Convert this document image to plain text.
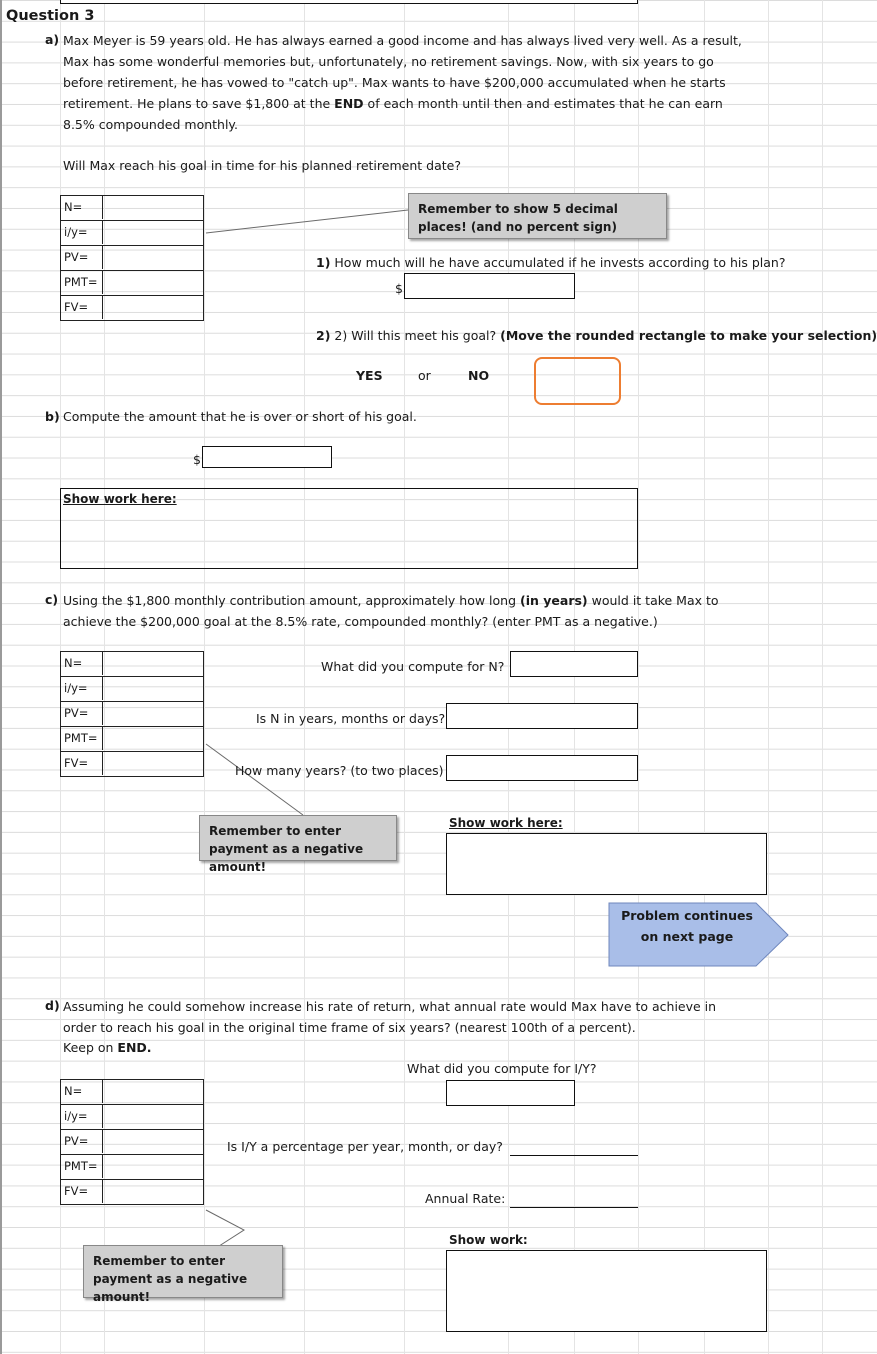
Question 3
a) Max Meyer is 59 years old. He has always earned a good income and has always lived very well. As a result, Max has some wonderful memories but, unfortunately, no retirement savings. Now, with six years to go before retirement, he has vowed to "catch up". Max wants to have $200,000 accumulated when he starts retirement. He plans to save $1,800 at the END of each month until then and estimates that he can earn 8.5% compounded monthly.
Will Max reach his goal in time for his planned retirement date?
N=
i/y=
PV=
PMT=
FV=
Remember to show 5 decimal places! (and no percent sign)
1) How much will he have accumulated if he invests according to his plan?
$
2) 2) Will this meet his goal? (Move the rounded rectangle to make your selection)
YES	or	NO
b) Compute the amount that he is over or short of his goal.
$
Show work here:
c) Using the $1,800 monthly contribution amount, approximately how long (in years) would it take Max to achieve the $200,000 goal at the 8.5% rate, compounded monthly? (enter PMT as a negative.)
N=
i/y=
PV=
PMT=
FV=
What did you compute for N?
Is N in years, months or days?
How many years? (to two places)
Remember to enter payment as a negative amount!
Show work here:
Problem continues on next page
d) Assuming he could somehow increase his rate of return, what annual rate would Max have to achieve in order to reach his goal in the original time frame of six years? (nearest 100th of a percent).
Keep on END.
What did you compute for I/Y?
N=
i/y=
PV=
PMT=
FV=
Is I/Y a percentage per year, month, or day?
Annual Rate:
Remember to enter payment as a negative amount!
Show work:
